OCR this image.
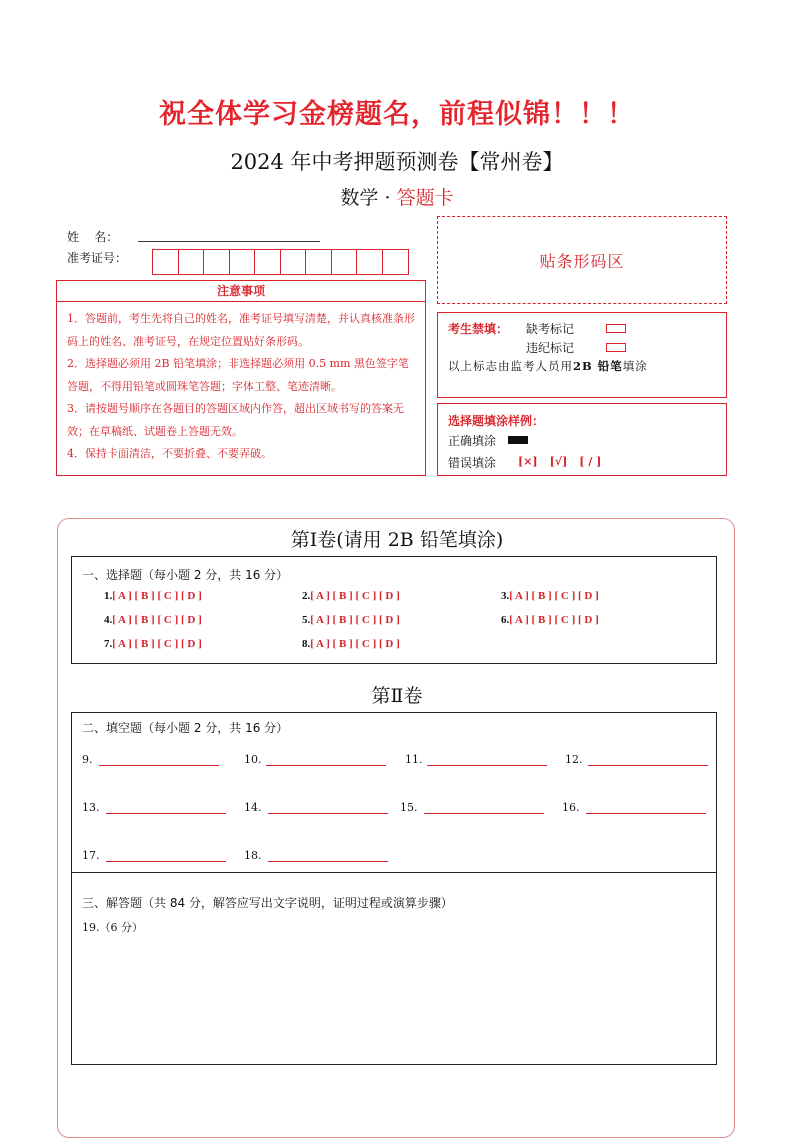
祝全体学习金榜题名，前程似锦！！！
2024 年中考押题预测卷【常州卷】
数学 · 答题卡
姓    名：
准考证号：	贴条形码区
注意事项
1．答题前，考生先将自己的姓名，准考证号填写清楚，并认真核准条形码上的姓名、准考证号，在规定位置贴好条形码。
2．选择题必须用 2B 铅笔填涂；非选择题必须用 0.5 mm 黑色签字笔答题，不得用铅笔或圆珠笔答题；字体工整、笔迹清晰。
3．请按题号顺序在各题目的答题区域内作答，超出区域书写的答案无效；在草稿纸、试题卷上答题无效。
4．保持卡面清洁，不要折叠、不要弄破。
考生禁填： 缺考标记
违纪标记
以上标志由监考人员用2B 铅笔填涂
选择题填涂样例：
正确填涂
错误填涂 [×] [√] [ / ]
第Ⅰ卷(请用 2B 铅笔填涂)
一、选择题（每小题 2 分，共 16 分）
1.[ A ] [ B ] [ C ] [ D ]	2.[ A ] [ B ] [ C ] [ D ]	3.[ A ] [ B ] [ C ] [ D ]
4.[ A ] [ B ] [ C ] [ D ]	5.[ A ] [ B ] [ C ] [ D ]	6.[ A ] [ B ] [ C ] [ D ]
7.[ A ] [ B ] [ C ] [ D ]	8.[ A ] [ B ] [ C ] [ D ]
第Ⅱ卷
二、填空题（每小题 2 分，共 16 分）
9.	10.	11.	12.
13.	14.	15.	16.
17.	18.
三、解答题（共 84 分，解答应写出文字说明，证明过程或演算步骤）
19.（6 分）
